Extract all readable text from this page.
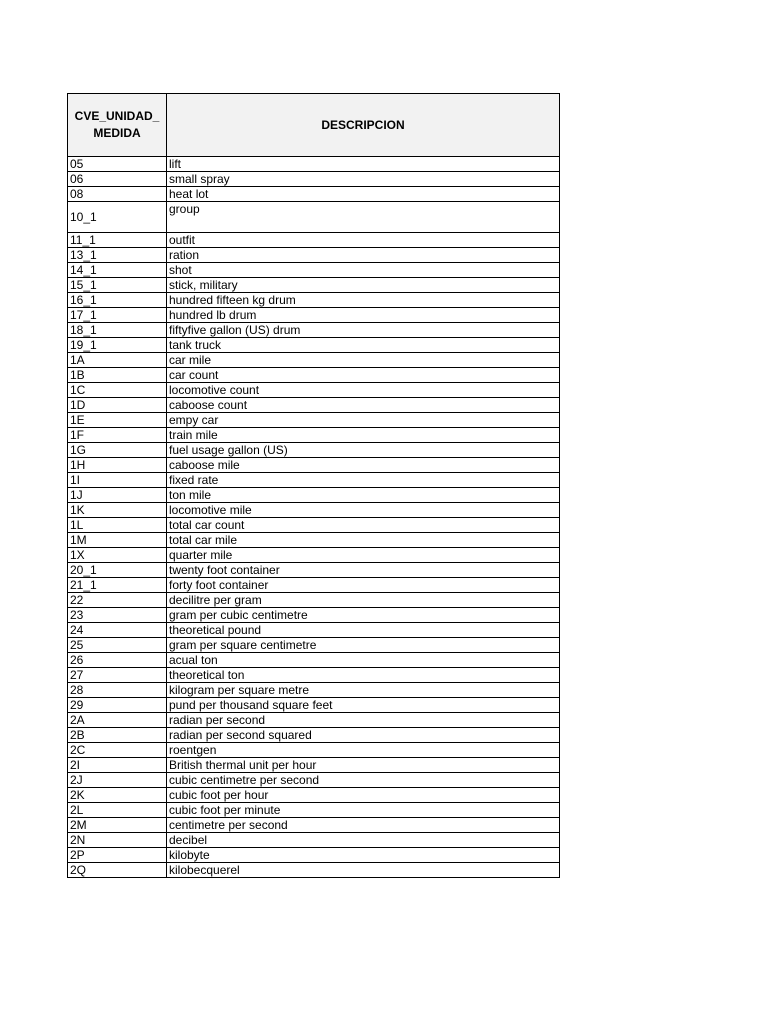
CVE_UNIDAD_ MEDIDA	DESCRIPCION
05	lift
06	small spray
08	heat lot
10_1	group
11_1	outfit
13_1	ration
14_1	shot
15_1	stick, military
16_1	hundred fifteen kg drum
17_1	hundred lb drum
18_1	fiftyfive gallon (US) drum
19_1	tank truck
1A	car mile
1B	car count
1C	locomotive count
1D	caboose count
1E	empy car
1F	train mile
1G	fuel usage gallon (US)
1H	caboose mile
1I	fixed rate
1J	ton mile
1K	locomotive mile
1L	total car count
1M	total car mile
1X	quarter mile
20_1	twenty foot container
21_1	forty foot container
22	decilitre per gram
23	gram per cubic centimetre
24	theoretical pound
25	gram per square centimetre
26	acual ton
27	theoretical ton
28	kilogram per square metre
29	pund per thousand square feet
2A	radian per second
2B	radian per second squared
2C	roentgen
2I	British thermal unit per hour
2J	cubic centimetre per second
2K	cubic foot per hour
2L	cubic foot per minute
2M	centimetre per second
2N	decibel
2P	kilobyte
2Q	kilobecquerel
